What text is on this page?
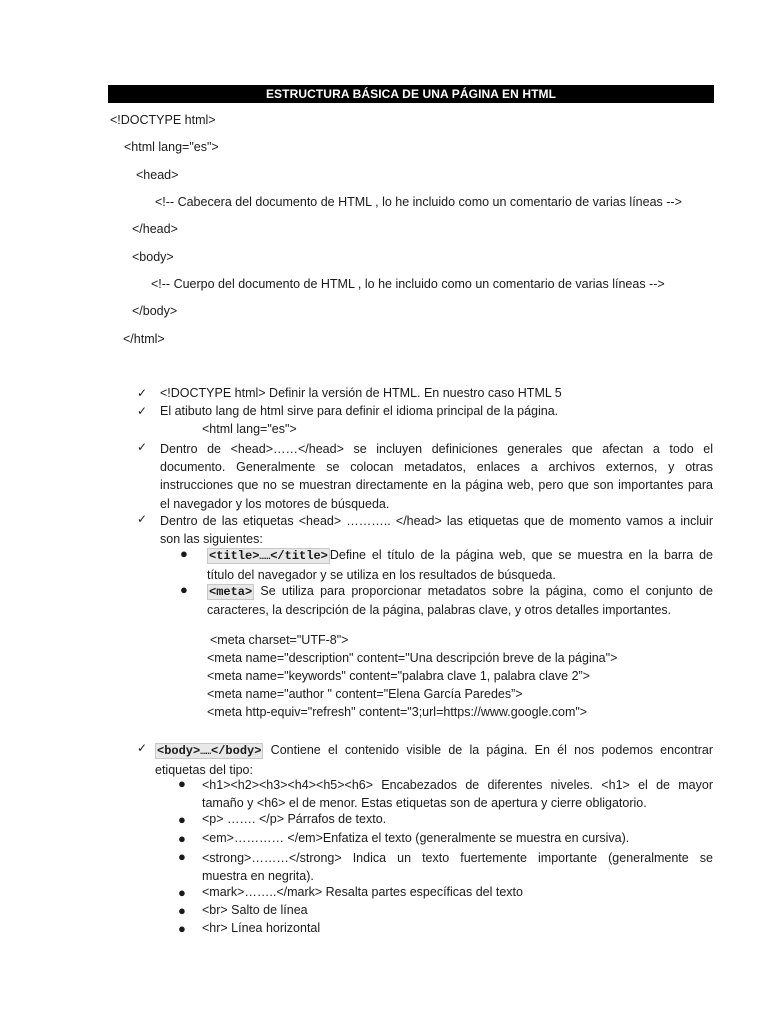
ESTRUCTURA BÁSICA DE UNA PÁGINA EN HTML
<!DOCTYPE html>
<html lang="es">
<head>
<!-- Cabecera del documento de HTML , lo he incluido como un comentario de varias líneas -->
</head>
<body>
<!-- Cuerpo del documento de HTML , lo he incluido como un comentario de varias líneas -->
</body>
</html>
✓ <!DOCTYPE html> Definir la versión de HTML. En nuestro caso HTML 5
✓ El atibuto lang de html sirve para definir el idioma principal de la página.
<html lang="es">
✓ Dentro de <head>……</head> se incluyen definiciones generales que afectan a todo el
documento. Generalmente se colocan metadatos, enlaces a archivos externos, y otras
instrucciones que no se muestran directamente en la página web, pero que son importantes para
el navegador y los motores de búsqueda.
✓ Dentro de las etiquetas <head> ……….. </head> las etiquetas que de momento vamos a incluir
son las siguientes:
● <title>……</title> Define el título de la página web, que se muestra en la barra de
título del navegador y se utiliza en los resultados de búsqueda.
● <meta> Se utiliza para proporcionar metadatos sobre la página, como el conjunto de
caracteres, la descripción de la página, palabras clave, y otros detalles importantes.
<meta charset="UTF-8">
<meta name="description" content="Una descripción breve de la página">
<meta name="keywords" content="palabra clave 1, palabra clave 2”>
<meta name="author " content="Elena García Paredes”>
<meta http-equiv="refresh" content="3;url=https://www.google.com">
✓ <body>……</body> Contiene el contenido visible de la página. En él nos podemos encontrar
etiquetas del tipo:
● <h1><h2><h3><h4><h5><h6> Encabezados de diferentes niveles. <h1> el de mayor
tamaño y <h6> el de menor. Estas etiquetas son de apertura y cierre obligatorio.
● <p> ……. </p> Párrafos de texto.
● <em>………… </em>Enfatiza el texto (generalmente se muestra en cursiva).
● <strong>………</strong> Indica un texto fuertemente importante (generalmente se
muestra en negrita).
● <mark>……..</mark> Resalta partes específicas del texto
● <br> Salto de línea
● <hr> Línea horizontal
